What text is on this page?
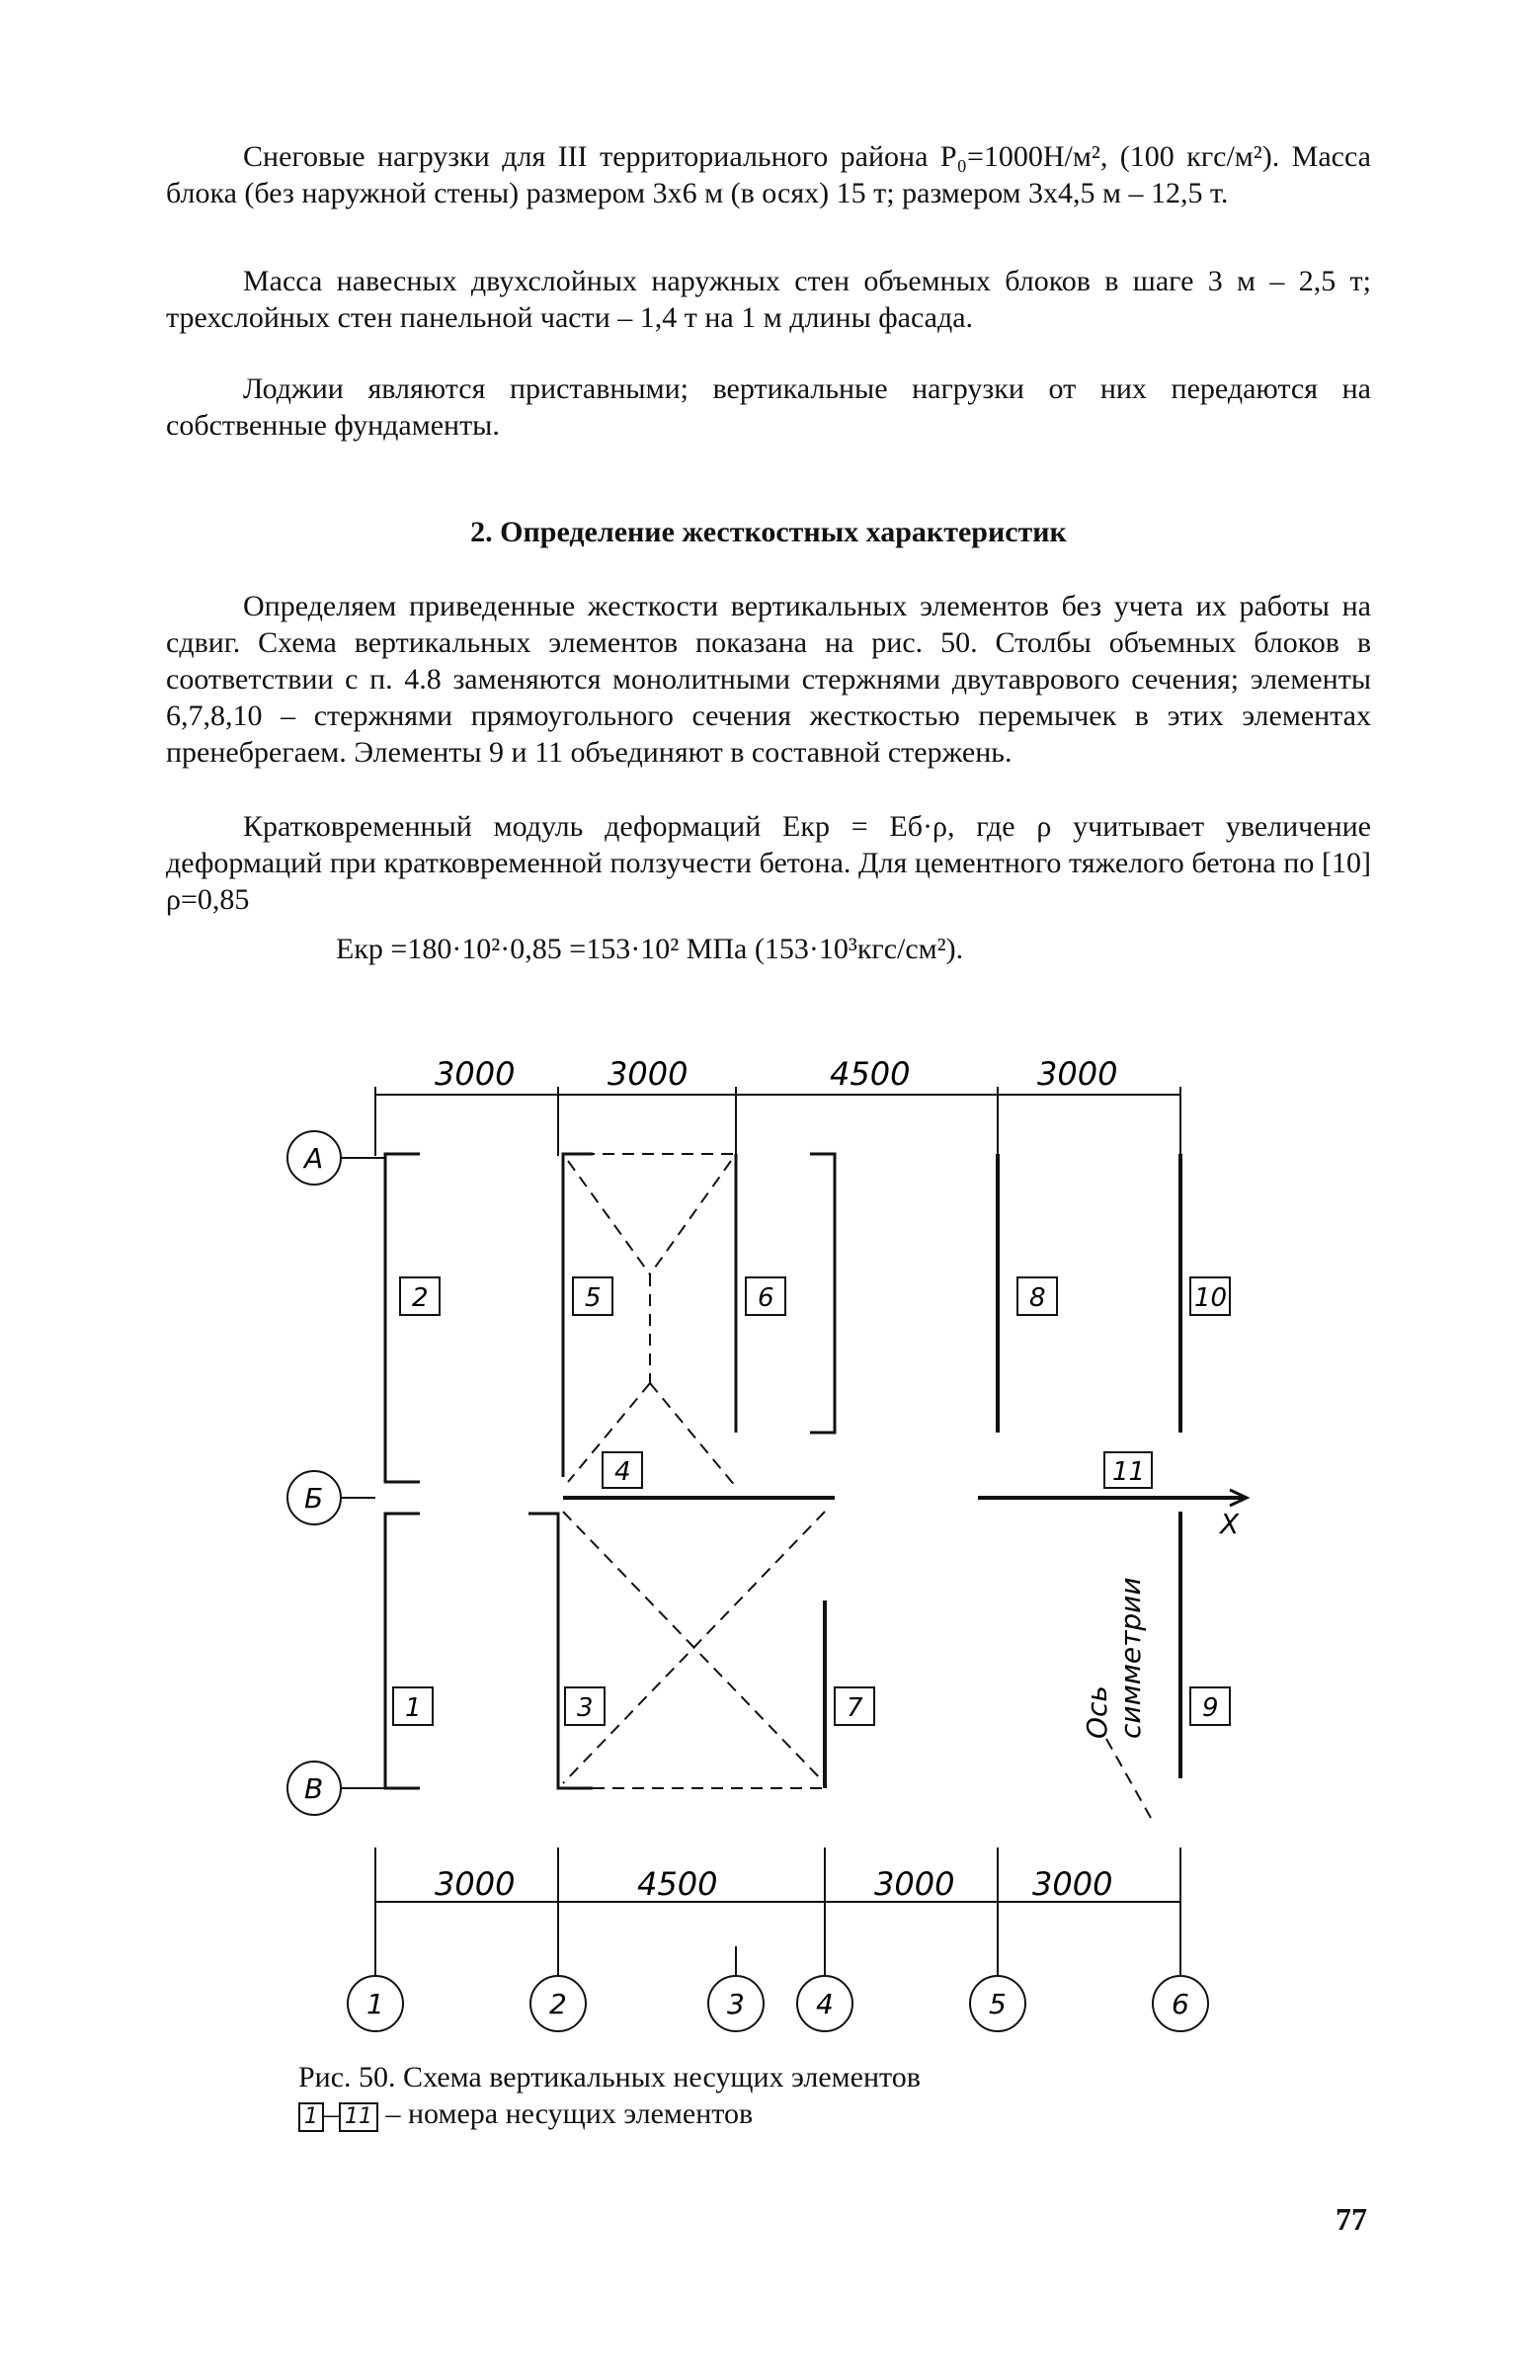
Снеговые нагрузки для III территориального района P₀=1000Н/м², (100 кгс/м²). Масса блока (без наружной стены) размером 3х6 м (в осях) 15 т; размером 3х4,5 м – 12,5 т.

Масса навесных двухслойных наружных стен объемных блоков в шаге 3 м – 2,5 т; трехслойных стен панельной части – 1,4 т на 1 м длины фасада.

Лоджии являются приставными; вертикальные нагрузки от них передаются на собственные фундаменты.

2. Определение жесткостных характеристик

Определяем приведенные жесткости вертикальных элементов без учета их работы на сдвиг. Схема вертикальных элементов показана на рис. 50. Столбы объемных блоков в соответствии с п. 4.8 заменяются монолитными стержнями двутаврового сечения; элементы 6,7,8,10 – стержнями прямоугольного сечения жесткостью перемычек в этих элементах пренебрегаем. Элементы 9 и 11 объединяют в составной стержень.

Кратковременный модуль деформаций Eкр = Eб·ρ, где ρ учитывает увеличение деформаций при кратковременной ползучести бетона. Для цементного тяжелого бетона по [10] ρ=0,85

Eкр =180·10²·0,85 =153·10² МПа (153·10³кгс/см²).
3000	3000	4500	3000
3000	4500	3000 3000
А
Б
В
1	2	3	4	5	6
2	5	6	8	10
4	11
1	3	7	9
X
Ось симметрии
Рис. 50. Схема вертикальных несущих элементов
1 – 11 – номера несущих элементов
77
